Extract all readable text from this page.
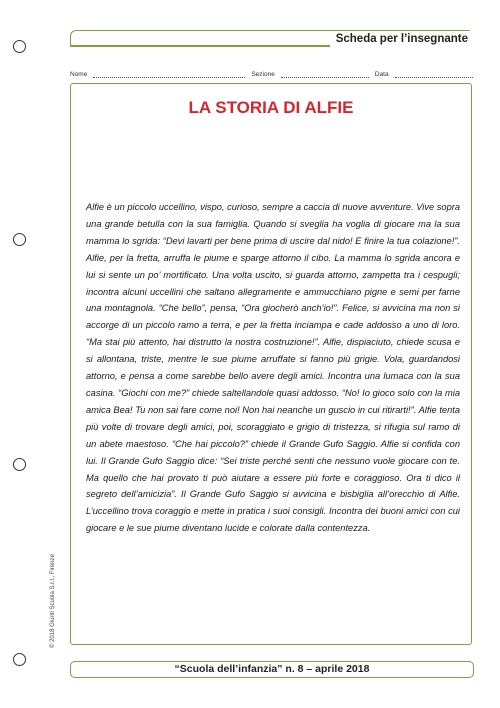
Scheda per l’insegnante
Nome	Sezione	Data
LA STORIA DI ALFIE
Alfie è un piccolo uccellino, vispo, curioso, sempre a caccia di nuove avventure. Vive sopra una grande betulla con la sua famiglia. Quando si sveglia ha voglia di giocare ma la sua mamma lo sgrida: “Devi lavarti per bene prima di uscire dal nido! E finire la tua colazione!”. Alfie, per la fretta, arruffa le piume e sparge attorno il cibo. La mamma lo sgrida ancora e lui si sente un po’ mortificato. Una volta uscito, si guarda attorno, zampetta tra i cespugli; incontra alcuni uccellini che saltano allegramente e ammucchiano pigne e semi per farne una montagnola. “Che bello”, pensa, “Ora giocherò anch’io!”. Felice, si avvicina ma non si accorge di un piccolo ramo a terra, e per la fretta inciampa e cade addosso a uno di loro. “Ma stai più attento, hai distrutto la nostra costruzione!”. Alfie, dispiaciuto, chiede scusa e si allontana, triste, mentre le sue piume arruffate si fanno più grigie. Vola, guardandosi attorno, e pensa a come sarebbe bello avere degli amici. Incontra una lumaca con la sua casina. “Giochi con me?” chiede saltellandole quasi addosso. “No! Io gioco solo con la mia amica Bea! Tu non sai fare come noi! Non hai neanche un guscio in cui ritirarti!”. Alfie tenta più volte di trovare degli amici, poi, scoraggiato e grigio di tristezza, si rifugia sul ramo di un abete maestoso. “Che hai piccolo?” chiede il Grande Gufo Saggio. Alfie si confida con lui. Il Grande Gufo Saggio dice: “Sei triste perché senti che nessuno vuole giocare con te. Ma quello che hai provato ti può aiutare a essere più forte e coraggioso. Ora ti dico il segreto dell’amicizia”. Il Grande Gufo Saggio si avvicina e bisbiglia all’orecchio di Alfie. L’uccellino trova coraggio e mette in pratica i suoi consigli. Incontra dei buoni amici con cui giocare e le sue piume diventano lucide e colorate dalla contentezza.
© 2018 Giunti Scuola S.r.l., Firenze
“Scuola dell’infanzia” n. 8 – aprile 2018
